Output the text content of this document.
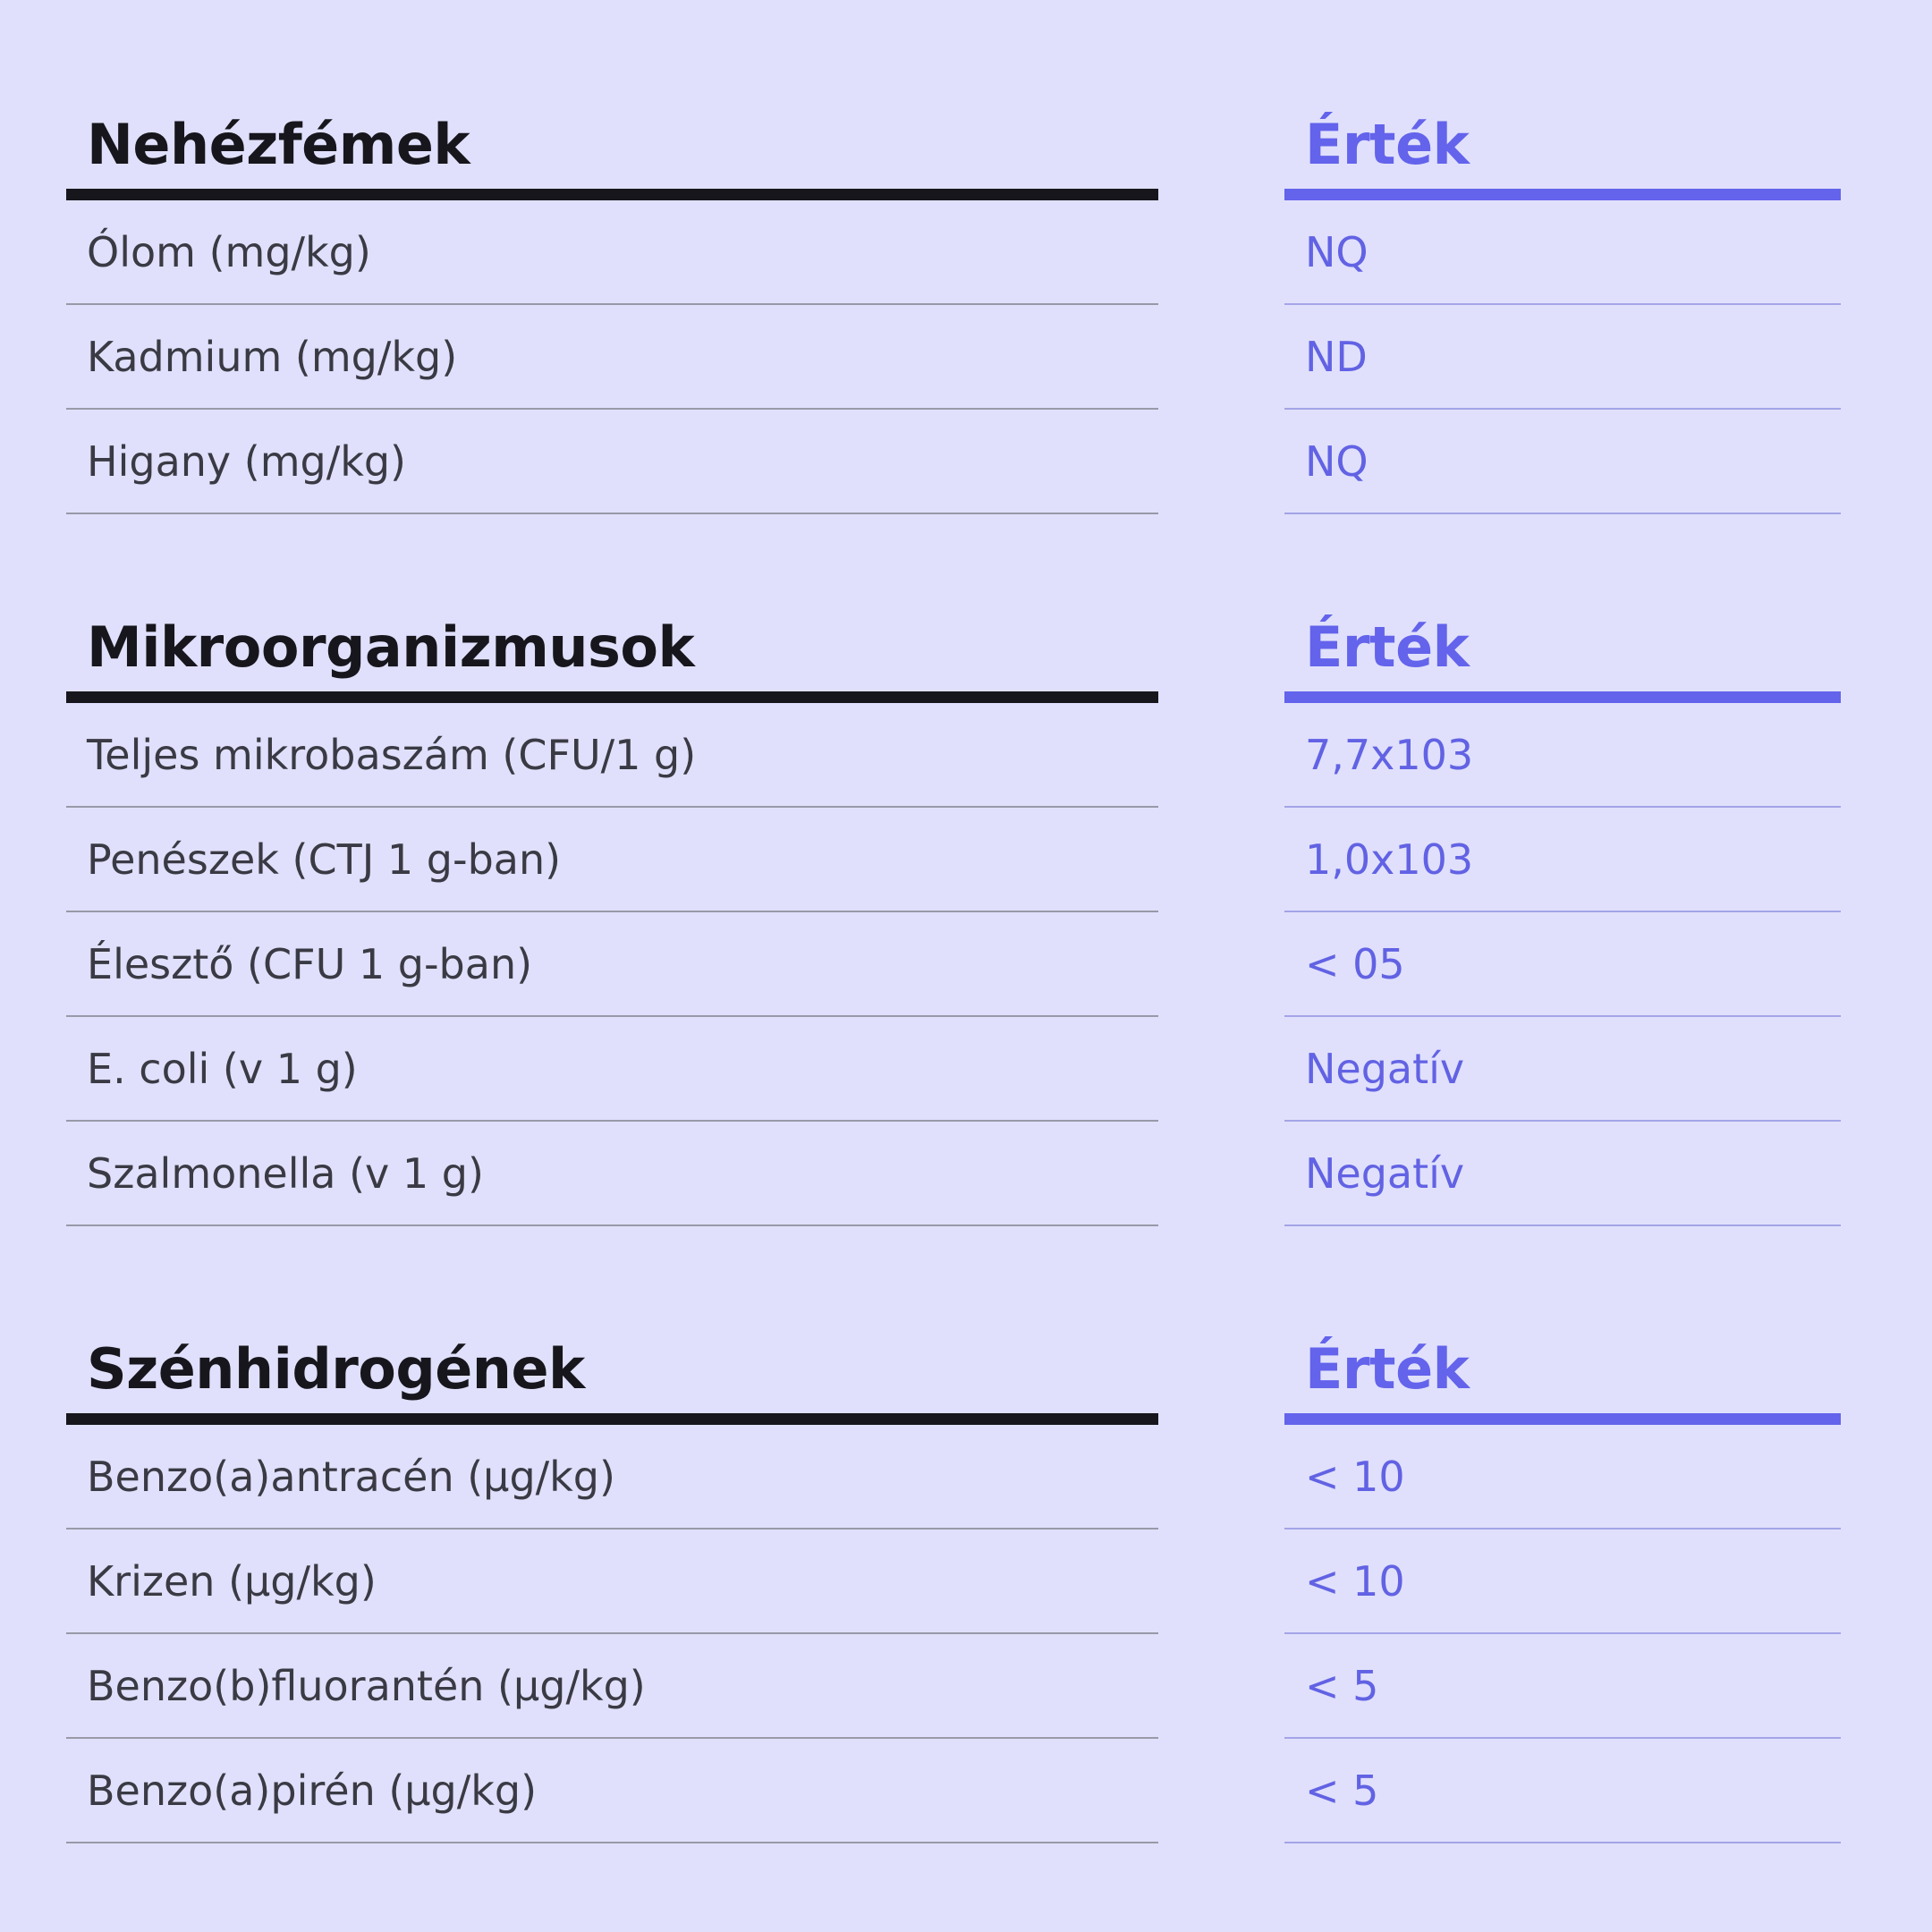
Nehézfémek
Ólom (mg/kg)
Kadmium (mg/kg)
Higany (mg/kg)
Érték
NQ
ND
NQ
Mikroorganizmusok
Teljes mikrobaszám (CFU/1 g)
Penészek (CTJ 1 g-ban)
Élesztő (CFU 1 g-ban)
E. coli (v 1 g)
Szalmonella (v 1 g)
Érték
7,7x103
1,0x103
< 05
Negatív
Negatív
Szénhidrogének
Benzo(a)antracén (µg/kg)
Krizen (µg/kg)
Benzo(b)fluorantén (µg/kg)
Benzo(a)pirén (µg/kg)
Érték
< 10
< 10
< 5
< 5
